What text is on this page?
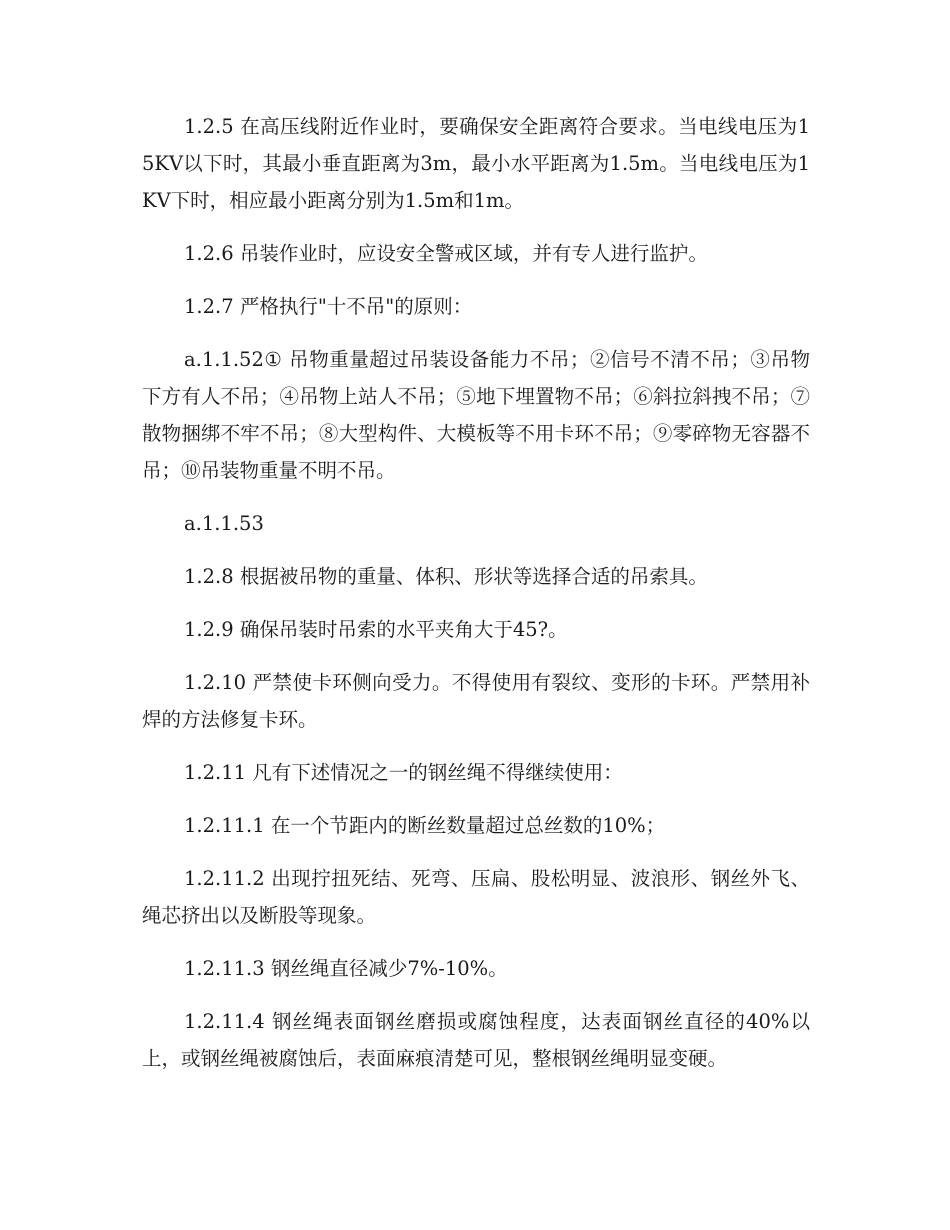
1.2.5 在高压线附近作业时，要确保安全距离符合要求。当电线电压为15KV以下时，其最小垂直距离为3m，最小水平距离为1.5m。当电线电压为1KV下时，相应最小距离分别为1.5m和1m。

1.2.6 吊装作业时，应设安全警戒区域，并有专人进行监护。

1.2.7 严格执行"十不吊"的原则：

a.1.1.52① 吊物重量超过吊装设备能力不吊；②信号不清不吊；③吊物下方有人不吊；④吊物上站人不吊；⑤地下埋置物不吊；⑥斜拉斜拽不吊；⑦散物捆绑不牢不吊；⑧大型构件、大模板等不用卡环不吊；⑨零碎物无容器不吊；⑩吊装物重量不明不吊。

a.1.1.53

1.2.8 根据被吊物的重量、体积、形状等选择合适的吊索具。

1.2.9 确保吊装时吊索的水平夹角大于45?。

1.2.10 严禁使卡环侧向受力。不得使用有裂纹、变形的卡环。严禁用补焊的方法修复卡环。

1.2.11 凡有下述情况之一的钢丝绳不得继续使用：

1.2.11.1 在一个节距内的断丝数量超过总丝数的10%；

1.2.11.2 出现拧扭死结、死弯、压扁、股松明显、波浪形、钢丝外飞、绳芯挤出以及断股等现象。

1.2.11.3 钢丝绳直径减少7%-10%。

1.2.11.4 钢丝绳表面钢丝磨损或腐蚀程度，达表面钢丝直径的40%以上，或钢丝绳被腐蚀后，表面麻痕清楚可见，整根钢丝绳明显变硬。
